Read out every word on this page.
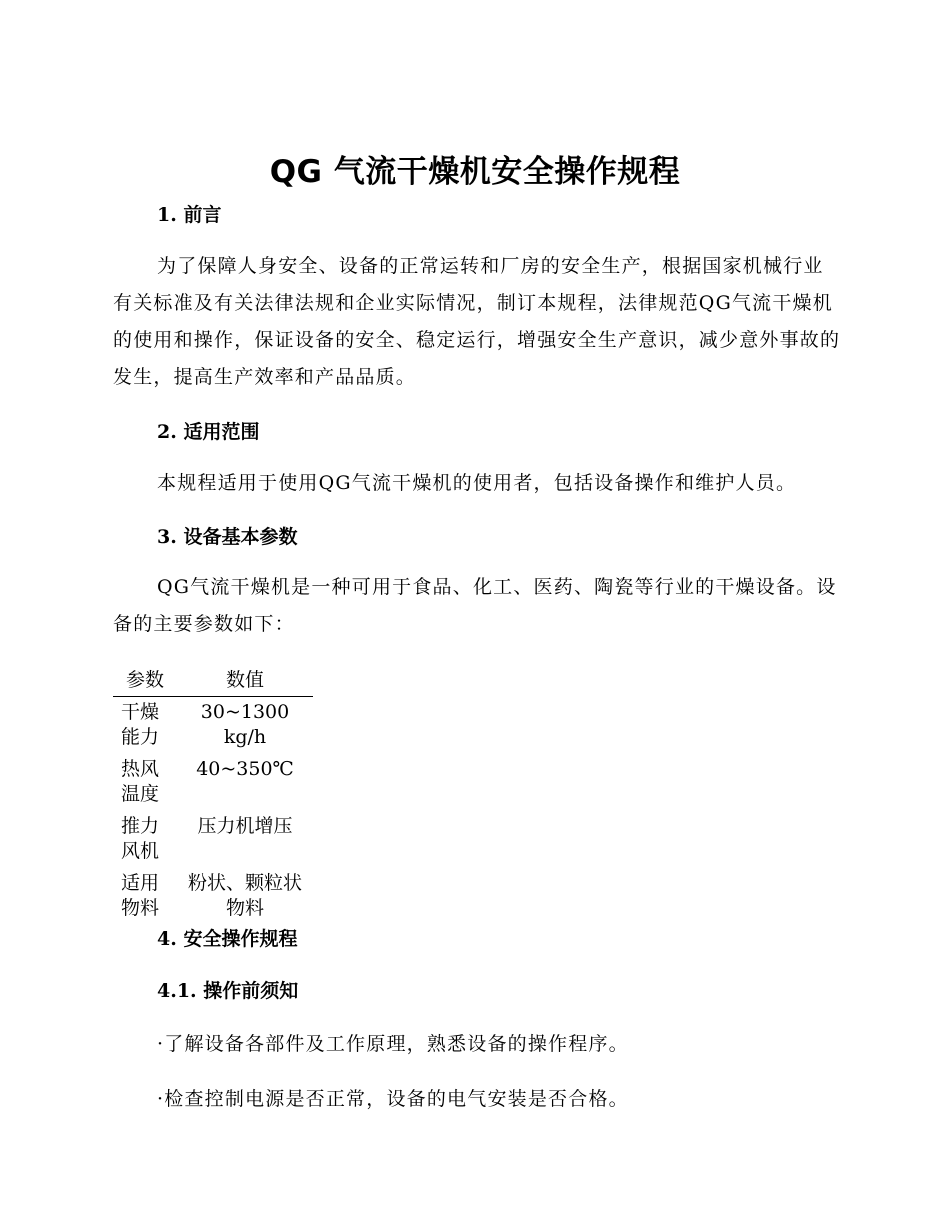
QG 气流干燥机安全操作规程
1. 前言

为了保障人身安全、设备的正常运转和厂房的安全生产，根据国家机械行业有关标准及有关法律法规和企业实际情况，制订本规程，法律规范QG气流干燥机的使用和操作，保证设备的安全、稳定运行，增强安全生产意识，减少意外事故的发生，提高生产效率和产品品质。

2. 适用范围

本规程适用于使用QG气流干燥机的使用者，包括设备操作和维护人员。

3. 设备基本参数

QG气流干燥机是一种可用于食品、化工、医药、陶瓷等行业的干燥设备。设备的主要参数如下：

参数	数值
干燥能力	30~1300 kg/h
热风温度	40~350℃
推力风机	压力机增压
适用物料	粉状、颗粒状物料
4. 安全操作规程
4.1. 操作前须知
·了解设备各部件及工作原理，熟悉设备的操作程序。
·检查控制电源是否正常，设备的电气安装是否合格。
